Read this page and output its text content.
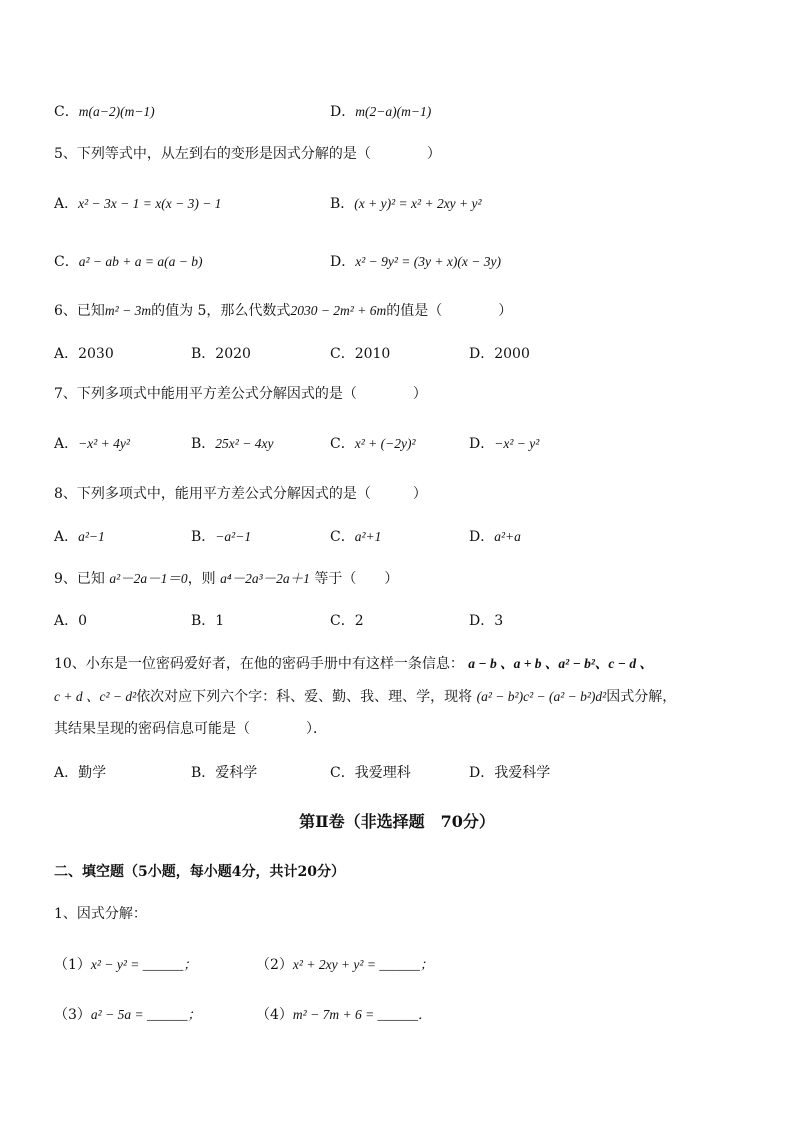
C．m(a−2)(m−1)	D．m(2−a)(m−1)
5、下列等式中，从左到右的变形是因式分解的是（　　　　）
A．x² − 3x − 1 = x(x − 3) − 1	B．(x + y)² = x² + 2xy + y²
C．a² − ab + a = a(a − b)	D．x² − 9y² = (3y + x)(x − 3y)
6、已知m² − 3m的值为 5，那么代数式2030 − 2m² + 6m的值是（　　　　）
A．2030	B．2020	C．2010	D．2000
7、下列多项式中能用平方差公式分解因式的是（　　　　）
A．−x² + 4y²	B．25x² − 4xy	C．x² + (−2y)²	D．−x² − y²
8、下列多项式中，能用平方差公式分解因式的是（　　　）
A．a²−1	B．−a²−1	C．a²+1	D．a²+a
9、已知 a²－2a－1＝0，则 a⁴－2a³－2a＋1 等于（　　）
A．0	B．1	C．2	D．3
10、小东是一位密码爱好者，在他的密码手册中有这样一条信息： a − b 、a + b 、a² − b²、c − d 、
c + d 、c² − d²依次对应下列六个字：科、爱、勤、我、理、学，现将 (a² − b²)c² − (a² − b²)d²因式分解，
其结果呈现的密码信息可能是（　　　　）．
A．勤学	B．爱科学	C．我爱理科	D．我爱科学
第Ⅱ卷（非选择题　70分）
二、填空题（5小题，每小题4分，共计20分）
1、因式分解：
（1）x² − y² = ______；	（2）x² + 2xy + y² = ______；
（3）a² − 5a = ______；	（4）m² − 7m + 6 = ______．
